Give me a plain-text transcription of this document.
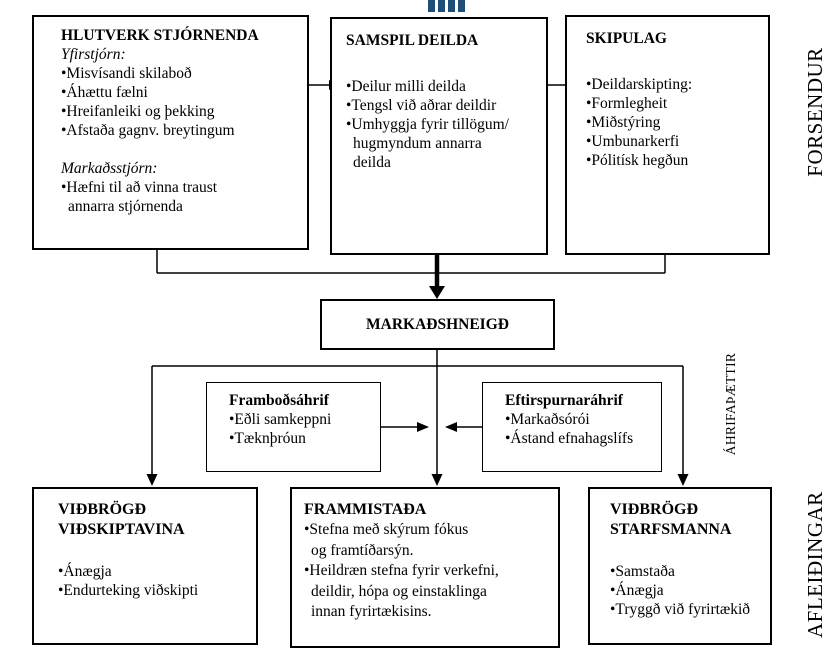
HLUTVERK STJÓRNENDA
Yfirstjórn:
•Misvísandi skilaboð
•Áhættu fælni
•Hreifanleiki og þekking
•Afstaða gagnv. breytingum
Markaðsstjórn:
•Hæfni til að vinna traust
annarra stjórnenda
SAMSPIL DEILDA
•Deilur milli deilda
•Tengsl við aðrar deildir
•Umhyggja fyrir tillögum/
hugmyndum annarra
deilda
SKIPULAG
•Deildarskipting:
•Formlegheit
•Miðstýring
•Umbunarkerfi
•Pólitísk hegðun
MARKAÐSHNEIGÐ
Framboðsáhrif
•Eðli samkeppni
•Tæknþróun
Eftirspurnaráhrif
•Markaðsórói
•Ástand efnahagslífs
VIÐBRÖGÐ
VIÐSKIPTAVINA
•Ánægja
•Endurteking viðskipti
FRAMMISTAÐA
•Stefna með skýrum fókus
og framtíðarsýn.
•Heildræn stefna fyrir verkefni,
deildir, hópa og einstaklinga
innan fyrirtækisins.
VIÐBRÖGÐ
STARFSMANNA
•Samstaða
•Ánægja
•Tryggð við fyrirtækið
FORSENDUR
ÁHRIFAÞÆTTIR
AFLEIÐINGAR
